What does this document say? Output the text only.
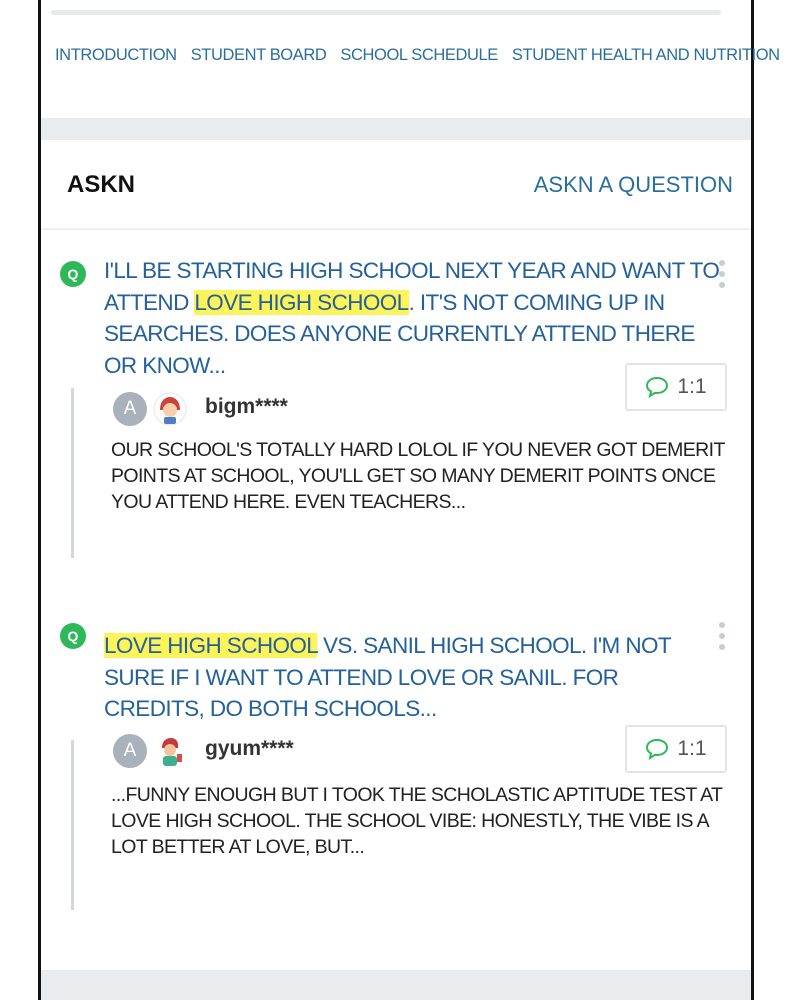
INTRODUCTION STUDENT BOARD SCHOOL SCHEDULE STUDENT HEALTH AND NUTRITION
ASKN	ASKN A QUESTION
Q	I'LL BE STARTING HIGH SCHOOL NEXT YEAR AND WANT TO ATTEND LOVE HIGH SCHOOL. IT'S NOT COMING UP IN SEARCHES. DOES ANYONE CURRENTLY ATTEND THERE OR KNOW...
1:1
A	bigm****
OUR SCHOOL'S TOTALLY HARD LOLOL IF YOU NEVER GOT DEMERIT POINTS AT SCHOOL, YOU'LL GET SO MANY DEMERIT POINTS ONCE YOU ATTEND HERE. EVEN TEACHERS...
Q	LOVE HIGH SCHOOL VS. SANIL HIGH SCHOOL. I'M NOT SURE IF I WANT TO ATTEND LOVE OR SANIL. FOR CREDITS, DO BOTH SCHOOLS...
1:1
A	gyum****
...FUNNY ENOUGH BUT I TOOK THE SCHOLASTIC APTITUDE TEST AT LOVE HIGH SCHOOL. THE SCHOOL VIBE: HONESTLY, THE VIBE IS A LOT BETTER AT LOVE, BUT...
